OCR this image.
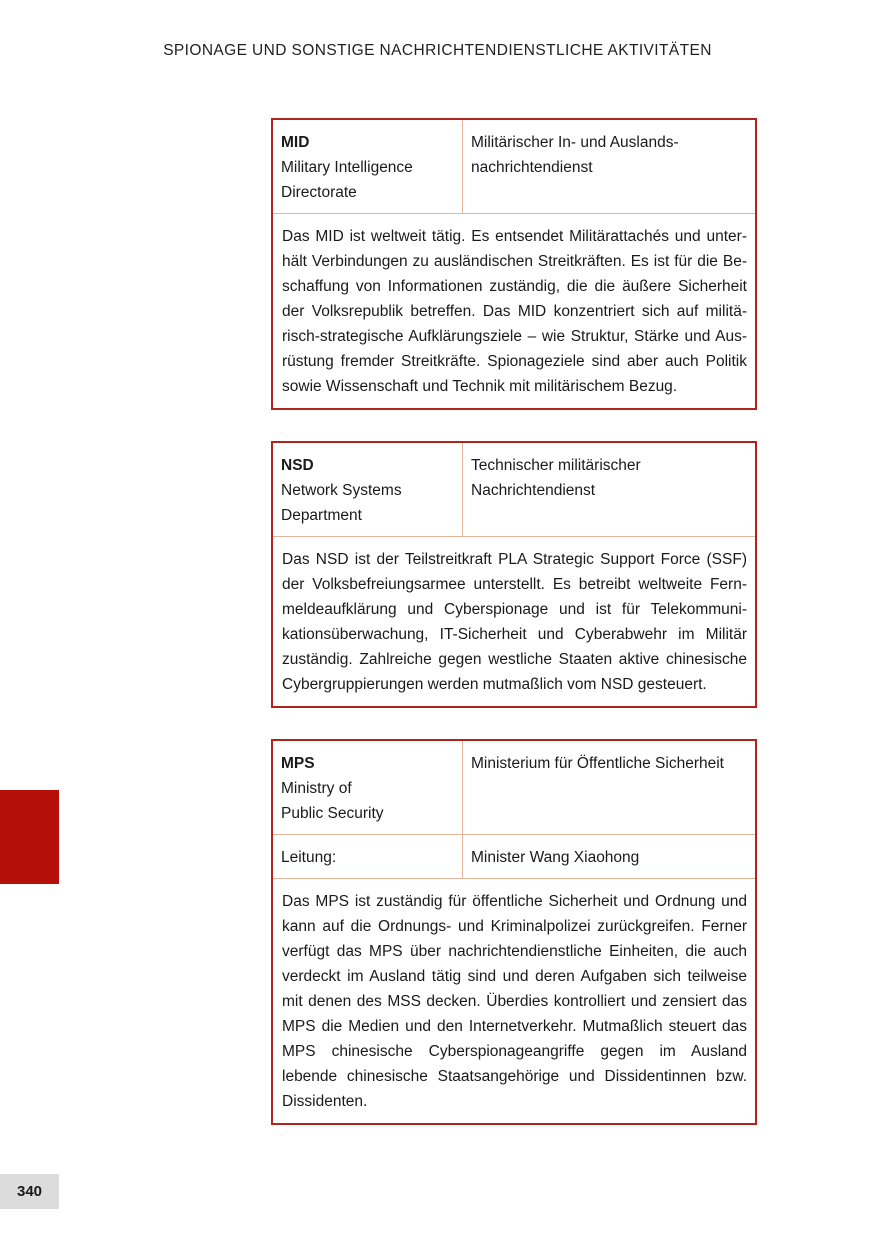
SPIONAGE UND SONSTIGE NACHRICHTENDIENSTLICHE AKTIVITÄTEN
MID
Military Intelligence
Directorate
	Militärischer In- und Auslandsnachrichtendienst
Das MID ist weltweit tätig. Es entsendet Militärattachés und unterhält Verbindungen zu ausländischen Streitkräften. Es ist für die Beschaffung von Informationen zuständig, die die äußere Sicherheit der Volksrepublik betreffen. Das MID konzentriert sich auf militärisch-strategische Aufklärungsziele – wie Struktur, Stärke und Ausrüstung fremder Streitkräfte. Spionageziele sind aber auch Politik sowie Wissenschaft und Technik mit militärischem Bezug.
NSD
Network Systems
Department
	Technischer militärischer Nachrichtendienst
Das NSD ist der Teilstreitkraft PLA Strategic Support Force (SSF) der Volksbefreiungsarmee unterstellt. Es betreibt weltweite Fernmeldeaufklärung und Cyberspionage und ist für Telekommunikationsüberwachung, IT-Sicherheit und Cyberabwehr im Militär zuständig. Zahlreiche gegen westliche Staaten aktive chinesische Cybergruppierungen werden mutmaßlich vom NSD gesteuert.
MPS
Ministry of
Public Security	Ministerium für Öffentliche Sicherheit
Leitung:	Minister Wang Xiaohong
Das MPS ist zuständig für öffentliche Sicherheit und Ordnung und kann auf die Ordnungs- und Kriminalpolizei zurückgreifen. Ferner verfügt das MPS über nachrichtendienstliche Einheiten, die auch verdeckt im Ausland tätig sind und deren Aufgaben sich teilweise mit denen des MSS decken. Überdies kontrolliert und zensiert das MPS die Medien und den Internetverkehr. Mutmaßlich steuert das MPS chinesische Cyberspionageangriffe gegen im Ausland lebende chinesische Staatsangehörige und Dissidentinnen bzw. Dissidenten.	
340
